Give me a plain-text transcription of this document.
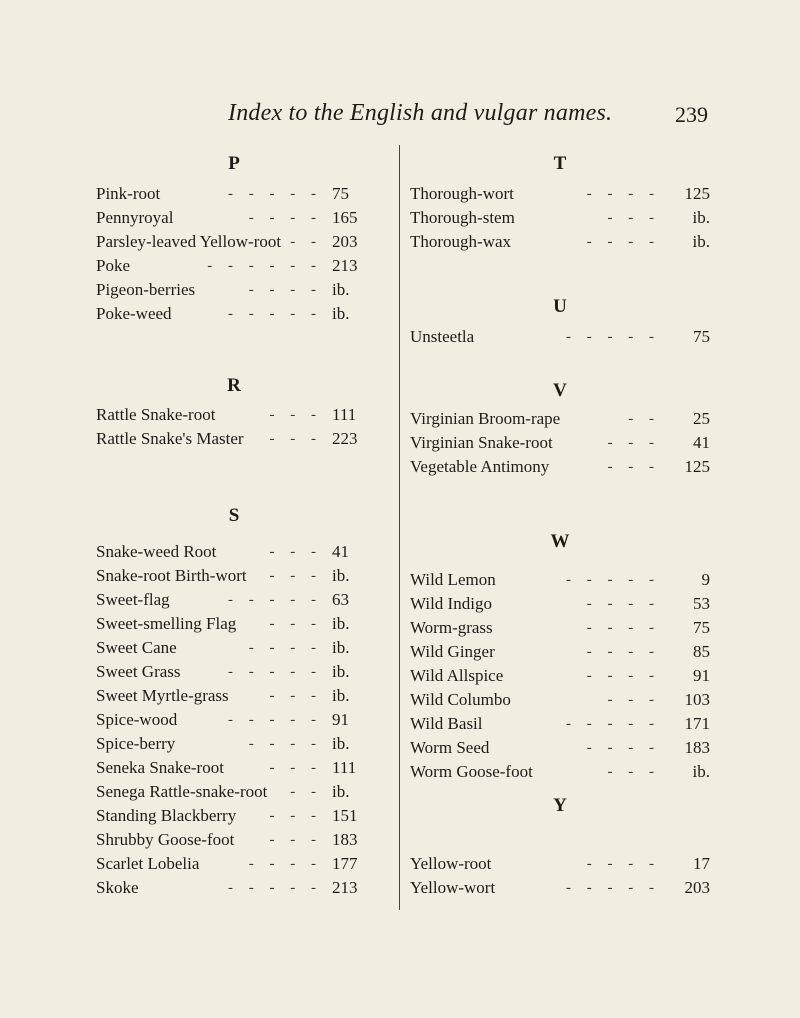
Index to the English and vulgar names.	239
P
Pink-root	- - - - - 75
Pennyroyal	- - - - 165
Parsley-leaved Yellow-root - - 203
Poke	- - - - - - 213
Pigeon-berries	- - - - ib.
Poke-weed	- - - - - ib.
R
Rattle Snake-root	- - - 111
Rattle Snake's Master - - - 223
S
Snake-weed Root	- - - 41
Snake-root Birth-wort - - - ib.
Sweet-flag	- - - - - 63
Sweet-smelling Flag - - - ib.
Sweet Cane	- - - - ib.
Sweet Grass	- - - - - ib.
Sweet Myrtle-grass	- - - ib.
Spice-wood	- - - - - 91
Spice-berry	- - - - ib.
Seneka Snake-root	- - - 111
Senega Rattle-snake-root - - ib.
Standing Blackberry - - - 151
Shrubby Goose-foot - - - 183
Scarlet Lobelia	- - - - 177
Skoke	- - - - - 213
T
Thorough-wort	- - - - 125
Thorough-stem	- - -	ib.
Thorough-wax	- - - -	ib.
U
Unsteetla	- - - - -	75
V
Virginian Broom-rape	- -	25
Virginian Snake-root	- - -	41
Vegetable Antimony	- - - 125
W
Wild Lemon	- - - - -	9
Wild Indigo	- - - -	53
Worm-grass	- - - -	75
Wild Ginger	- - - -	85
Wild Allspice	- - - -	91
Wild Columbo	- - - 103
Wild Basil	- - - - - 171
Worm Seed	- - - - 183
Worm Goose-foot	- - -	ib.
Y
Yellow-root	- - - -	17
Yellow-wort	- - - - - 203
